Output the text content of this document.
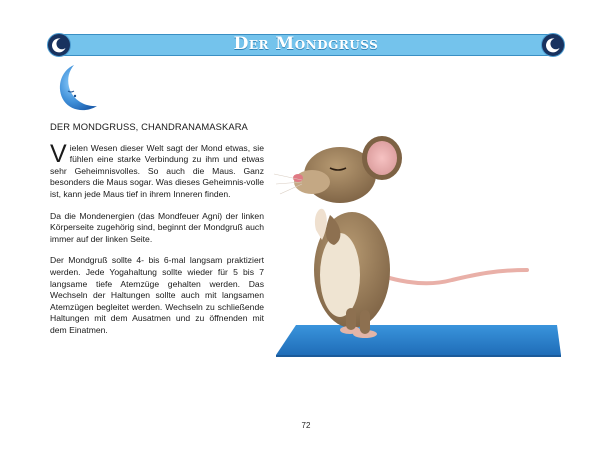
Der Mondgruss
DER MONDGRUSS, CHANDRANAMASKARA

Vielen Wesen dieser Welt sagt der Mond etwas, sie fühlen eine starke Verbindung zu ihm und etwas sehr Geheimnisvolles. So auch die Maus. Ganz besonders die Maus sogar. Was dieses Geheimnis-volle ist, kann jede Maus tief in ihrem Inneren finden.

Da die Mondenergien (das Mondfeuer Agni) der linken Körperseite zugehörig sind, beginnt der Mondgruß auch immer auf der linken Seite.

Der Mondgruß sollte 4- bis 6-mal langsam praktiziert werden. Jede Yogahaltung sollte wieder für 5 bis 7 langsame tiefe Atemzüge gehalten werden. Das Wechseln der Haltungen sollte auch mit langsamen Atemzügen begleitet werden. Wechseln zu schließende Haltungen mit dem Ausatmen und zu öffnenden mit dem Einatmen.

72
